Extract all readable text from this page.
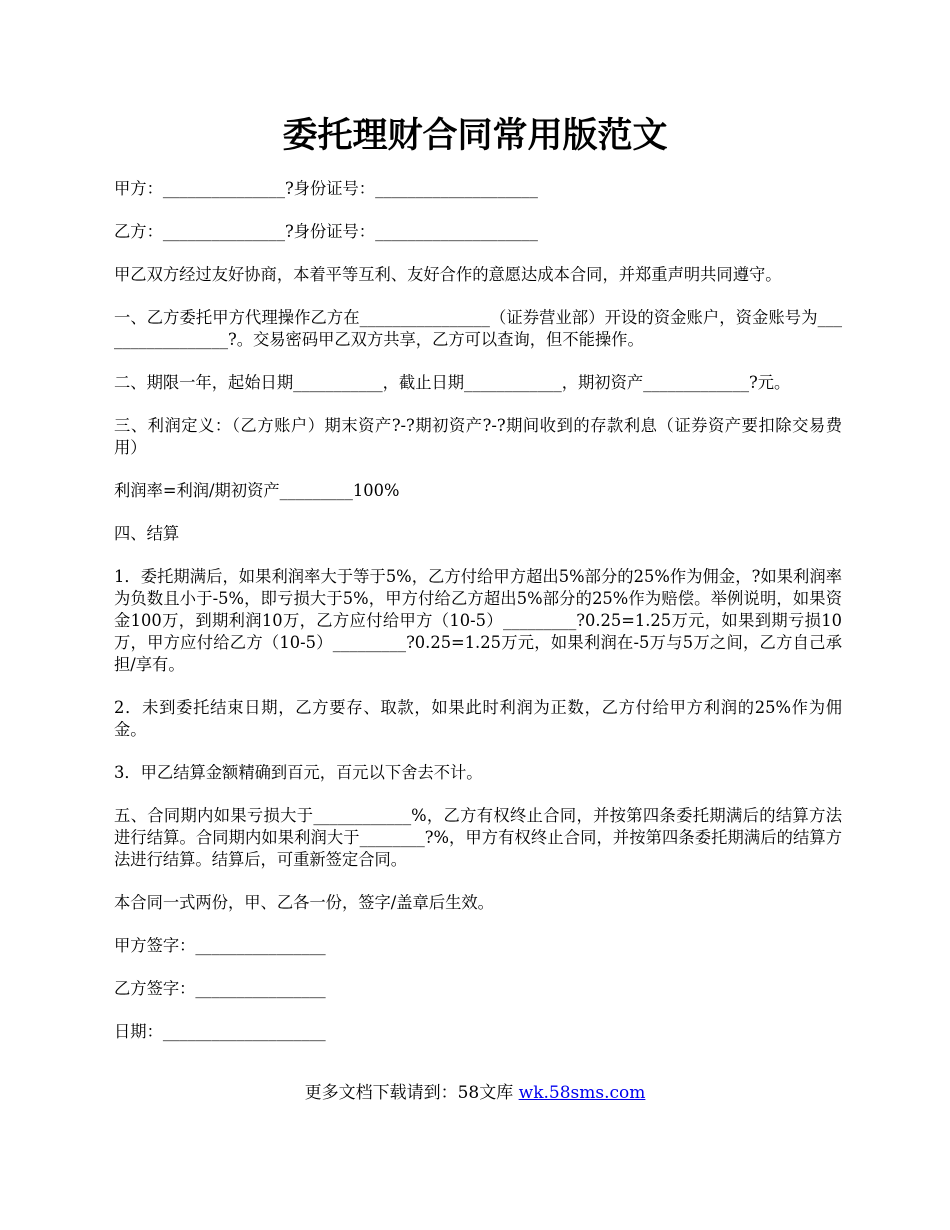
委托理财合同常用版范文

甲方：_______________?身份证号：____________________

乙方：_______________?身份证号：____________________

甲乙双方经过友好协商，本着平等互利、友好合作的意愿达成本合同，并郑重声明共同遵守。

一、乙方委托甲方代理操作乙方在________________（证券营业部）开设的资金账户，资金账号为_________________?。交易密码甲乙双方共享，乙方可以查询，但不能操作。

二、期限一年，起始日期___________，截止日期____________，期初资产_____________?元。

三、利润定义：（乙方账户）期末资产?-?期初资产?-?期间收到的存款利息（证券资产要扣除交易费用）

利润率=利润/期初资产_________100%

四、结算

1．委托期满后，如果利润率大于等于5%，乙方付给甲方超出5%部分的25%作为佣金，?如果利润率为负数且小于-5%，即亏损大于5%，甲方付给乙方超出5%部分的25%作为赔偿。举例说明，如果资金100万，到期利润10万，乙方应付给甲方（10-5）_________?0.25=1.25万元，如果到期亏损10万，甲方应付给乙方（10-5）_________?0.25=1.25万元，如果利润在-5万与5万之间，乙方自己承担/享有。

2．未到委托结束日期，乙方要存、取款，如果此时利润为正数，乙方付给甲方利润的25%作为佣金。

3．甲乙结算金额精确到百元，百元以下舍去不计。

五、合同期内如果亏损大于____________%，乙方有权终止合同，并按第四条委托期满后的结算方法进行结算。合同期内如果利润大于________?%，甲方有权终止合同，并按第四条委托期满后的结算方法进行结算。结算后，可重新签定合同。

本合同一式两份，甲、乙各一份，签字/盖章后生效。

甲方签字：________________

乙方签字：________________

日期：____________________

更多文档下载请到：58文库 wk.58sms.com
